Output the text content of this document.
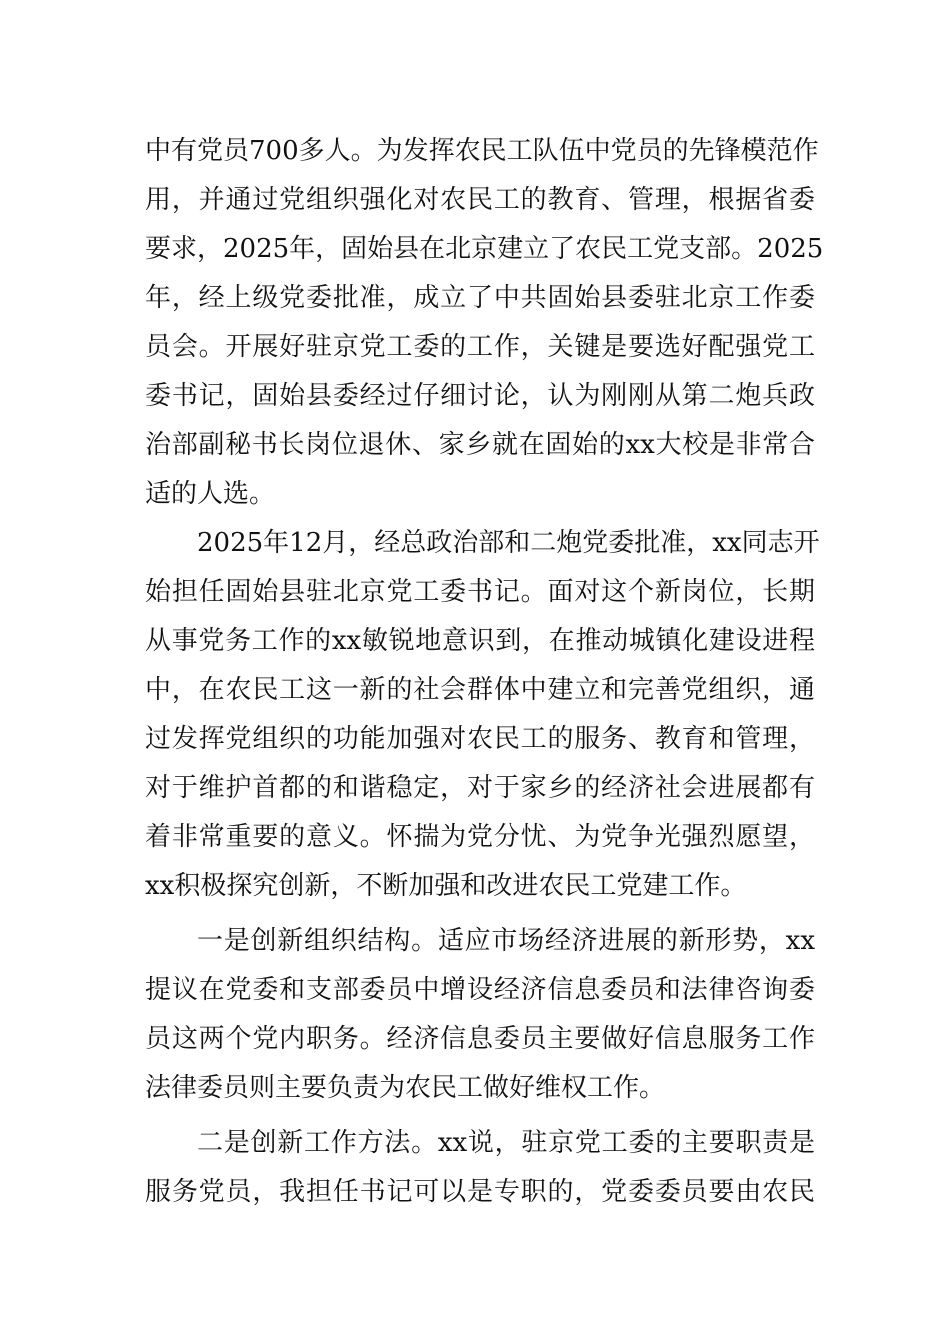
中有党员700多人。为发挥农民工队伍中党员的先锋模范作
用，并通过党组织强化对农民工的教育、管理，根据省委
要求，2025年，固始县在北京建立了农民工党支部。2025
年，经上级党委批准，成立了中共固始县委驻北京工作委
员会。开展好驻京党工委的工作，关键是要选好配强党工
委书记，固始县委经过仔细讨论，认为刚刚从第二炮兵政
治部副秘书长岗位退休、家乡就在固始的xx大校是非常合
适的人选。
2025年12月，经总政治部和二炮党委批准，xx同志开
始担任固始县驻北京党工委书记。面对这个新岗位，长期
从事党务工作的xx敏锐地意识到，在推动城镇化建设进程
中，在农民工这一新的社会群体中建立和完善党组织，通
过发挥党组织的功能加强对农民工的服务、教育和管理，
对于维护首都的和谐稳定，对于家乡的经济社会进展都有
着非常重要的意义。怀揣为党分忧、为党争光强烈愿望，
xx积极探究创新，不断加强和改进农民工党建工作。
一是创新组织结构。适应市场经济进展的新形势，xx
提议在党委和支部委员中增设经济信息委员和法律咨询委
员这两个党内职务。经济信息委员主要做好信息服务工作
法律委员则主要负责为农民工做好维权工作。
二是创新工作方法。xx说，驻京党工委的主要职责是
服务党员，我担任书记可以是专职的，党委委员要由农民
